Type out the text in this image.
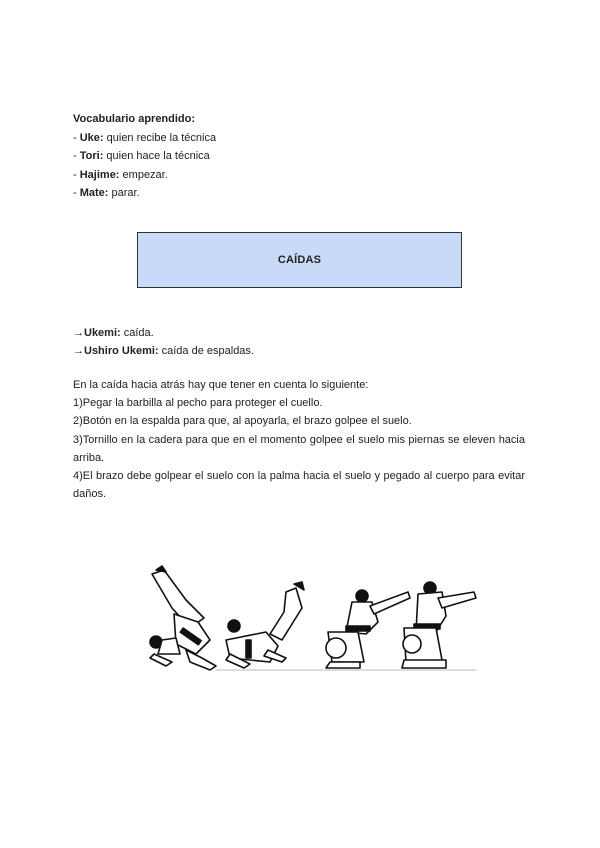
Vocabulario aprendido:
- Uke: quien recibe la técnica
- Tori: quien hace la técnica
- Hajime: empezar.
- Mate: parar.
CAÍDAS
→Ukemi: caída.
→Ushiro Ukemi: caída de espaldas.
En la caída hacia atrás hay que tener en cuenta lo siguiente:
1)Pegar la barbilla al pecho para proteger el cuello.
2)Botón en la espalda para que, al apoyarla, el brazo golpee el suelo.
3)Tornillo en la cadera para que en el momento golpee el suelo mis piernas se eleven hacia arriba.
4)El brazo debe golpear el suelo con la palma hacia el suelo y pegado al cuerpo para evitar daños.
